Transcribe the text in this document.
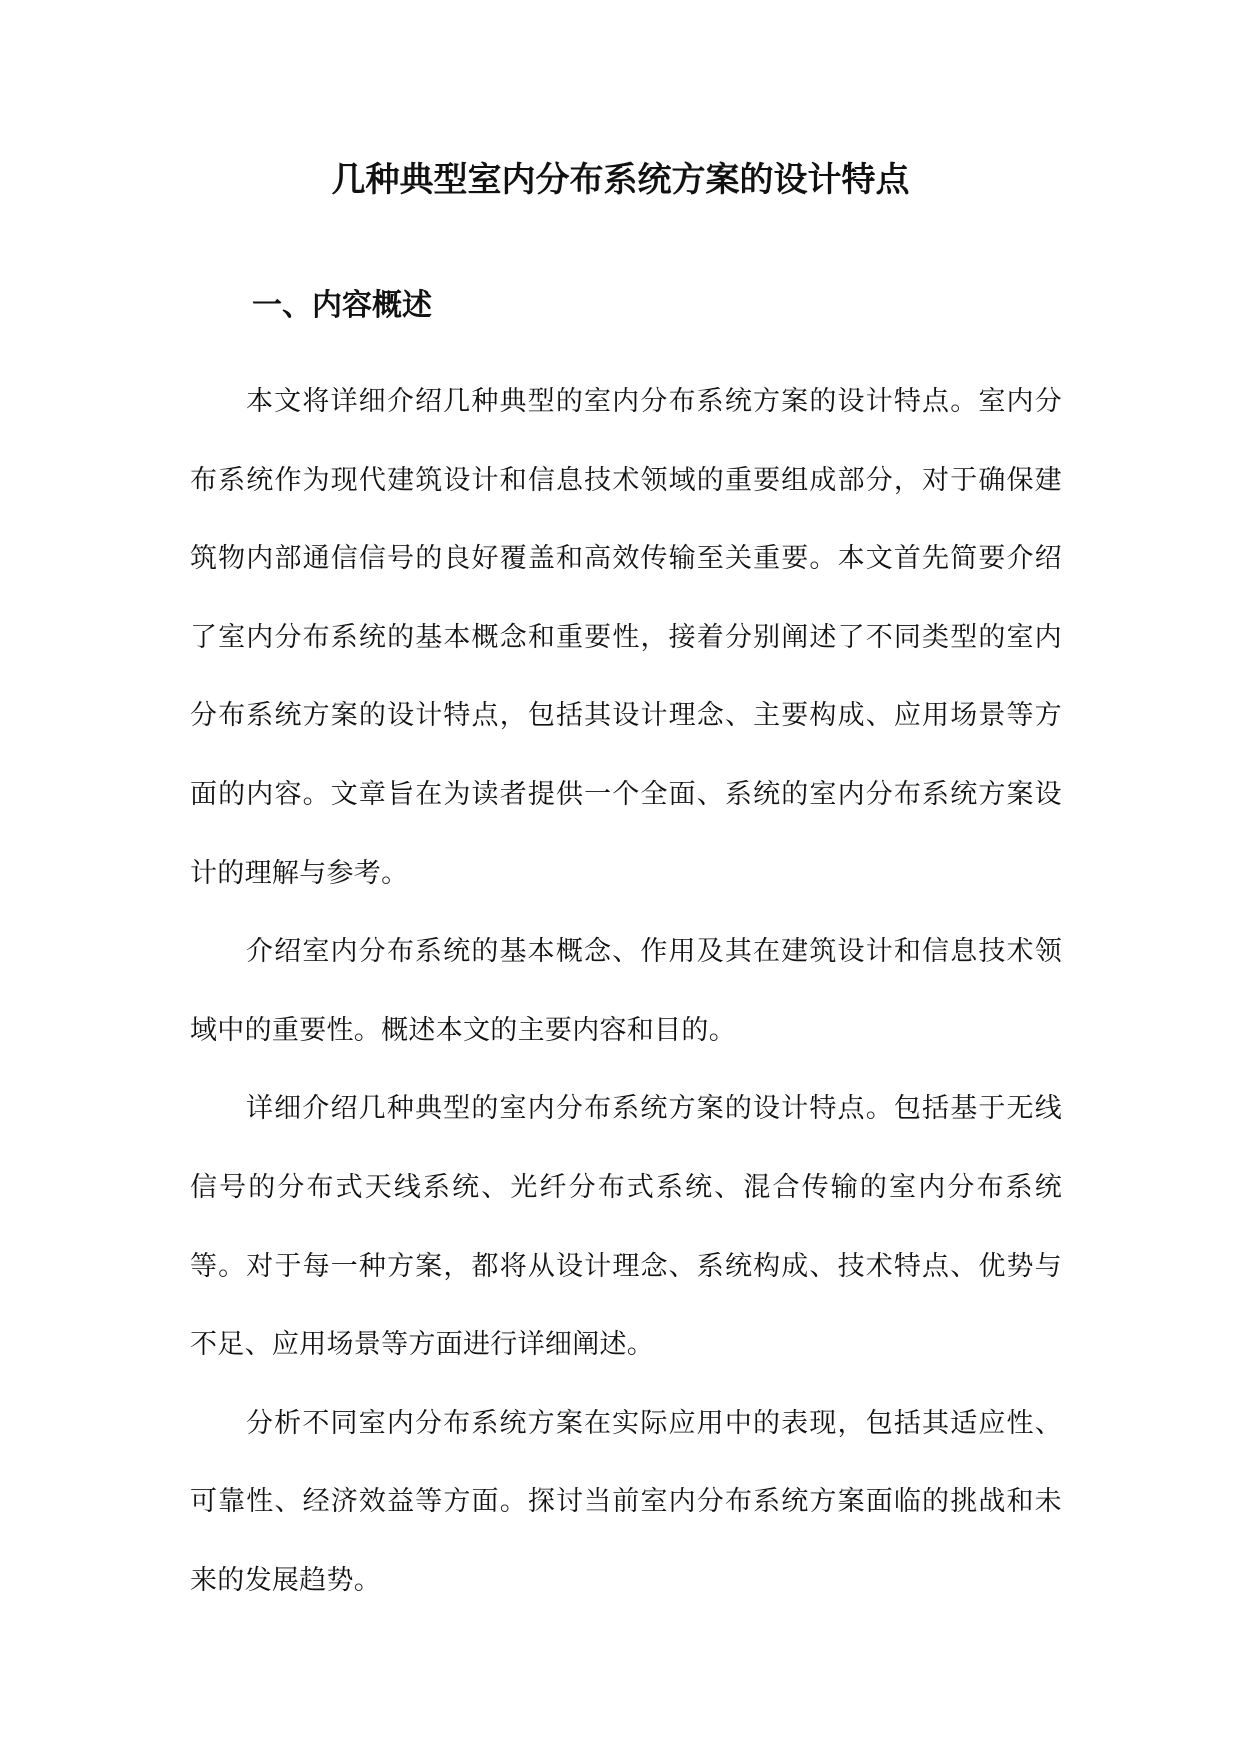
几种典型室内分布系统方案的设计特点
一、内容概述

本文将详细介绍几种典型的室内分布系统方案的设计特点。室内分布系统作为现代建筑设计和信息技术领域的重要组成部分，对于确保建筑物内部通信信号的良好覆盖和高效传输至关重要。本文首先简要介绍了室内分布系统的基本概念和重要性，接着分别阐述了不同类型的室内分布系统方案的设计特点，包括其设计理念、主要构成、应用场景等方面的内容。文章旨在为读者提供一个全面、系统的室内分布系统方案设计的理解与参考。

介绍室内分布系统的基本概念、作用及其在建筑设计和信息技术领域中的重要性。概述本文的主要内容和目的。

详细介绍几种典型的室内分布系统方案的设计特点。包括基于无线信号的分布式天线系统、光纤分布式系统、混合传输的室内分布系统等。对于每一种方案，都将从设计理念、系统构成、技术特点、优势与不足、应用场景等方面进行详细阐述。

分析不同室内分布系统方案在实际应用中的表现，包括其适应性、可靠性、经济效益等方面。探讨当前室内分布系统方案面临的挑战和未来的发展趋势。
